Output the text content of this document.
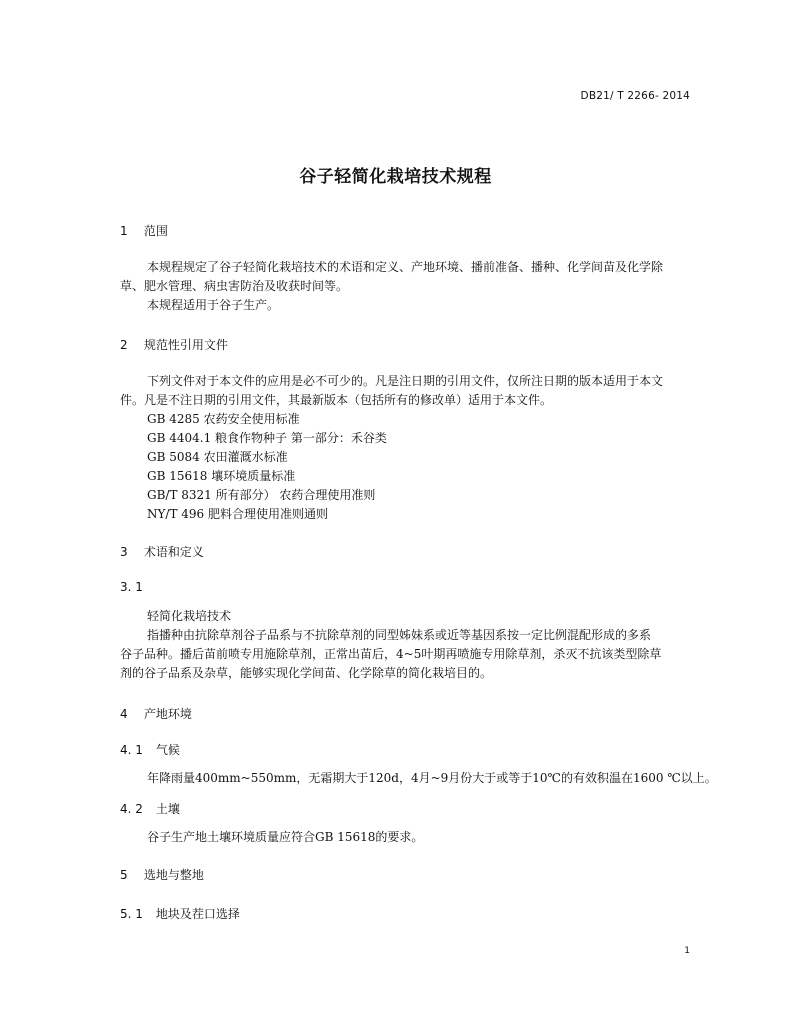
DB21/ T 2266- 2014
谷子轻简化栽培技术规程
1 范围
本规程规定了谷子轻简化栽培技术的术语和定义、产地环境、播前准备、播种、化学间苗及化学除
草、肥水管理、病虫害防治及收获时间等。
本规程适用于谷子生产。
2 规范性引用文件
下列文件对于本文件的应用是必不可少的。凡是注日期的引用文件，仅所注日期的版本适用于本文
件。凡是不注日期的引用文件，其最新版本（包括所有的修改单）适用于本文件。
GB 4285 农药安全使用标准
GB 4404.1 粮食作物种子 第一部分：禾谷类
GB 5084 农田灌溉水标准
GB 15618 壤环境质量标准
GB/T 8321 所有部分） 农药合理使用准则
NY/T 496 肥料合理使用准则通则
3 术语和定义
3. 1
轻简化栽培技术
指播种由抗除草剂谷子品系与不抗除草剂的同型姊妹系或近等基因系按一定比例混配形成的多系
谷子品种。播后苗前喷专用施除草剂，正常出苗后，4~5叶期再喷施专用除草剂，杀灭不抗该类型除草
剂的谷子品系及杂草，能够实现化学间苗、化学除草的简化栽培目的。
4 产地环境
4. 1 气候
年降雨量400mm~550mm，无霜期大于120d，4月~9月份大于或等于10℃的有效积温在1600 ℃以上。
4. 2 土壤
谷子生产地土壤环境质量应符合GB 15618的要求。
5 选地与整地
5. 1 地块及茬口选择
1
